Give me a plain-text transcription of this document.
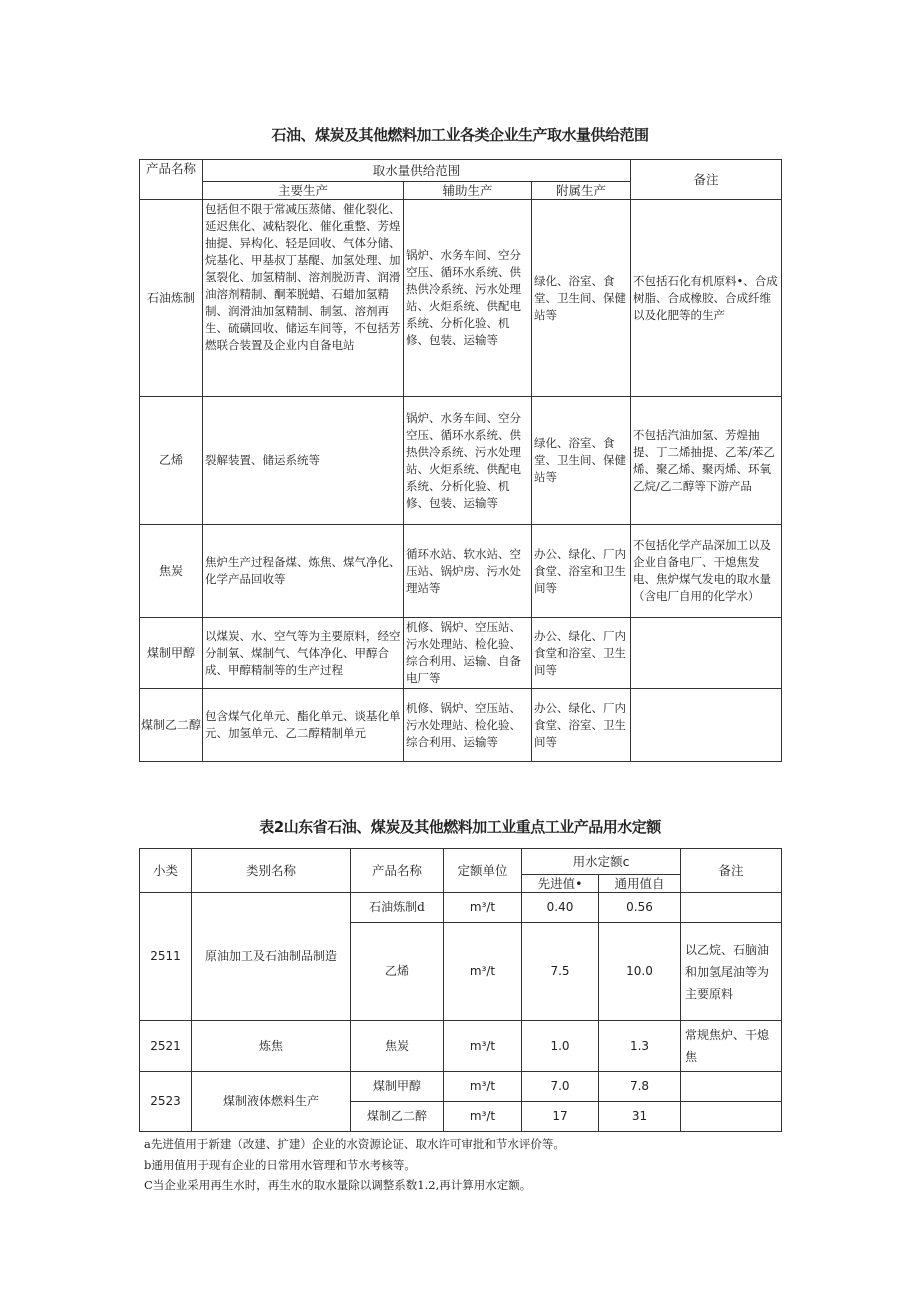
石油、煤炭及其他燃料加工业各类企业生产取水量供给范围
产品名称	取水量供给范围			备注
	主要生产	辅助生产	附属生产	
石油炼制	包括但不限于常减压蒸储、催化裂化、延迟焦化、减粘裂化、催化重整、芳煌抽提、异构化、轻是回收、气体分储、烷基化、甲基叔丁基醍、加氢处理、加氢裂化、加氢精制、溶剂脱沥青、润滑油溶剂精制、酮苯脱蜡、石蜡加氢精制、润滑油加氢精制、制氢、溶剂再生、硫磺回收、储运车间等，不包括芳燃联合装置及企业内自备电站	锅炉、水务车间、空分空压、循环水系统、供热供冷系统、污水处理站、火炬系统、供配电系统、分析化验、机修、包装、运输等	绿化、浴室、食堂、卫生间、保健站等	不包括石化有机原料•、合成树脂、合成橡胶、合成纤维以及化肥等的生产
乙烯	裂解装置、储运系统等	锅炉、水务车间、空分空压、循环水系统、供热供冷系统、污水处理站、火炬系统、供配电系统、分析化验、机修、包装、运输等	绿化、浴室、食堂、卫生间、保健站等	不包括汽油加氢、芳煌抽提、丁二烯抽提、乙苯/苯乙烯、聚乙烯、聚丙烯、环氧乙烷/乙二醇等下游产品
焦炭	焦炉生产过程备煤、炼焦、煤气净化、化学产品回收等	循环水站、软水站、空压站、锅炉房、污水处理站等	办公、绿化、厂内食堂、浴室和卫生间等	不包括化学产品深加工以及企业自备电厂、干熄焦发电、焦炉煤气发电的取水量（含电厂自用的化学水）
煤制甲醇	以煤炭、水、空气等为主要原料，经空分制氧、煤制气、气体净化、甲醇合成、甲醇精制等的生产过程	机修、锅炉、空压站、污水处理站、检化验、综合利用、运输、自备电厂等	办公、绿化、厂内食堂和浴室、卫生间等	
煤制乙二醇	包含煤气化单元、酯化单元、谈基化单元、加氢单元、乙二醇精制单元	机修、锅炉、空压站、污水处理站、检化验、综合利用、运输等	办公、绿化、厂内食堂、浴室、卫生间等	
表2山东省石油、煤炭及其他燃料加工业重点工业产品用水定额
小类	类别名称	产品名称	定额单位	用水定额c		备注
				先进值•	通用值自	
2511	原油加工及石油制品制造	石油炼制d	m³/t	0.40	0.56	
		乙烯	m³/t	7.5	10.0	以乙烷、石脑油和加氢尾油等为主要原料
2521	炼焦	焦炭	m³/t	1.0	1.3	常规焦炉、干熄焦
2523	煤制液体燃料生产	煤制甲醇	m³/t	7.0	7.8	
		煤制乙二醉	m³/t	17	31	
a先进值用于新建（改建、扩建）企业的水资源论证、取水许可审批和节水评价等。
b通用值用于现有企业的日常用水管理和节水考核等。
C当企业采用再生水时，再生水的取水量除以调整系数1.2,再计算用水定额。
